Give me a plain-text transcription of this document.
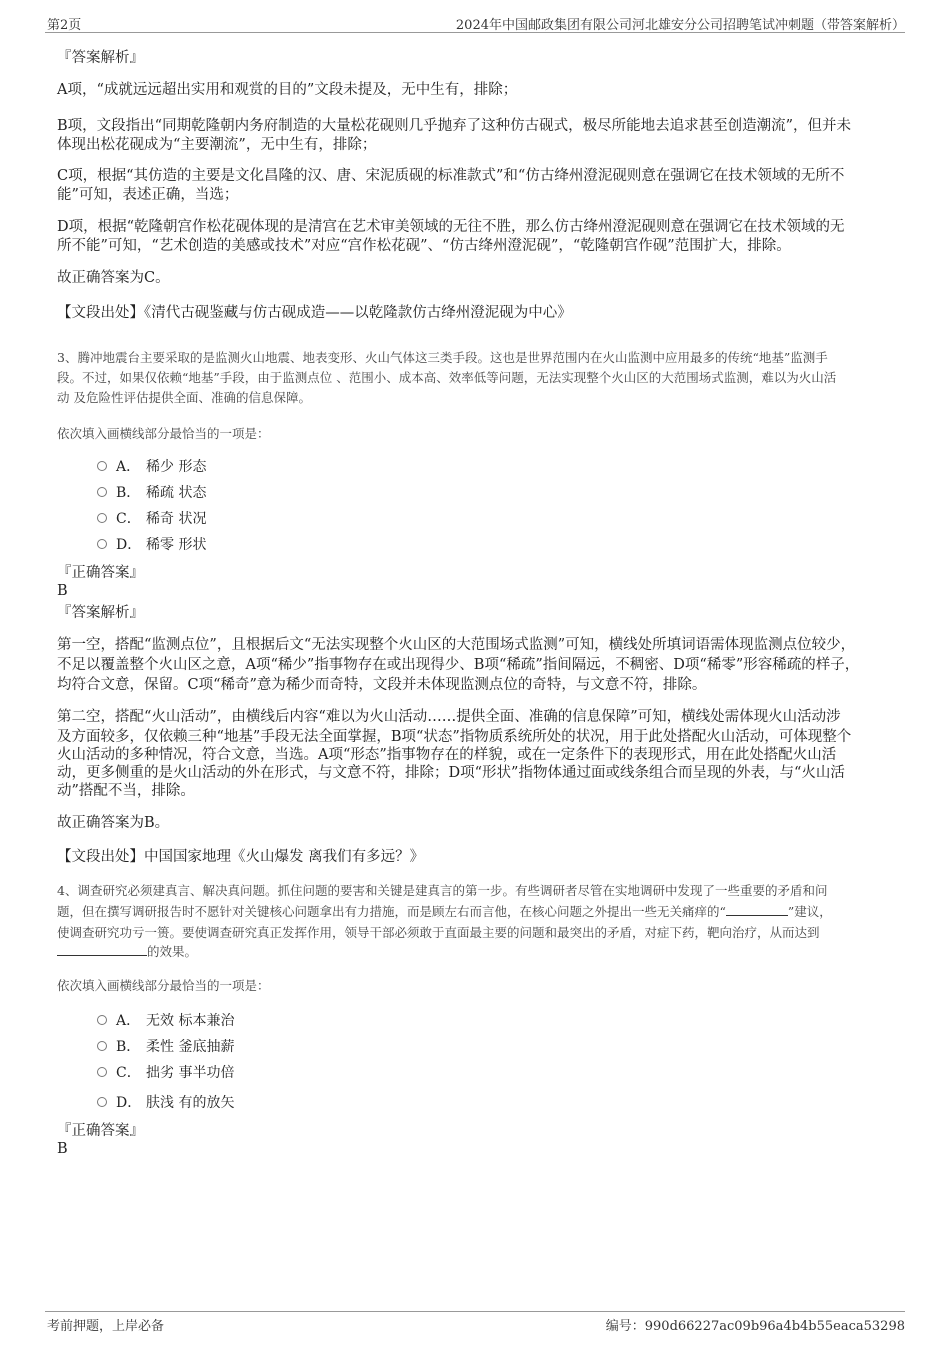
第2页	2024年中国邮政集团有限公司河北雄安分公司招聘笔试冲刺题（带答案解析）
『答案解析』
A项，“成就远远超出实用和观赏的目的”文段未提及，无中生有，排除；
B项，文段指出“同期乾隆朝内务府制造的大量松花砚则几乎抛弃了这种仿古砚式，极尽所能地去追求甚至创造潮流”，但并未
体现出松花砚成为“主要潮流”，无中生有，排除；
C项，根据“其仿造的主要是文化昌隆的汉、唐、宋泥质砚的标准款式”和“仿古绛州澄泥砚则意在强调它在技术领域的无所不
能”可知，表述正确，当选；
D项，根据“乾隆朝宫作松花砚体现的是清宫在艺术审美领域的无往不胜，那么仿古绛州澄泥砚则意在强调它在技术领域的无
所不能”可知，“艺术创造的美感或技术”对应“宫作松花砚”、“仿古绛州澄泥砚”，“乾隆朝宫作砚”范围扩大，排除。
故正确答案为C。
【文段出处】《清代古砚鉴藏与仿古砚成造——以乾隆款仿古绛州澄泥砚为中心》
3、腾冲地震台主要采取的是监测火山地震、地表变形、火山气体这三类手段。这也是世界范围内在火山监测中应用最多的传统“地基”监测手
段。不过，如果仅依赖“地基”手段，由于监测点位 、范围小、成本高、效率低等问题，无法实现整个火山区的大范围场式监测，难以为火山活
动 及危险性评估提供全面、准确的信息保障。
依次填入画横线部分最恰当的一项是：
A． 稀少 形态
B． 稀疏 状态
C． 稀奇 状况
D． 稀零 形状
『正确答案』
B
『答案解析』
第一空，搭配“监测点位”，且根据后文“无法实现整个火山区的大范围场式监测”可知，横线处所填词语需体现监测点位较少，
不足以覆盖整个火山区之意，A项“稀少”指事物存在或出现得少、B项“稀疏”指间隔远，不稠密、D项“稀零”形容稀疏的样子，
均符合文意，保留。C项“稀奇”意为稀少而奇特，文段并未体现监测点位的奇特，与文意不符，排除。
第二空，搭配“火山活动”，由横线后内容“难以为火山活动……提供全面、准确的信息保障”可知，横线处需体现火山活动涉
及方面较多，仅依赖三种“地基”手段无法全面掌握，B项“状态”指物质系统所处的状况，用于此处搭配火山活动，可体现整个
火山活动的多种情况，符合文意，当选。A项“形态”指事物存在的样貌，或在一定条件下的表现形式，用在此处搭配火山活
动，更多侧重的是火山活动的外在形式，与文意不符，排除；D项“形状”指物体通过面或线条组合而呈现的外表，与“火山活
动”搭配不当，排除。
故正确答案为B。
【文段出处】中国国家地理《火山爆发 离我们有多远？》
4、调查研究必须建真言、解决真问题。抓住问题的要害和关键是建真言的第一步。有些调研者尽管在实地调研中发现了一些重要的矛盾和问
题，但在撰写调研报告时不愿针对关键核心问题拿出有力措施，而是顾左右而言他，在核心问题之外提出一些无关痛痒的“	”建议，
使调查研究功亏一篑。要使调查研究真正发挥作用，领导干部必须敢于直面最主要的问题和最突出的矛盾，对症下药，靶向治疗，从而达到
的效果。
依次填入画横线部分最恰当的一项是：
A． 无效 标本兼治
B． 柔性 釜底抽薪
C． 拙劣 事半功倍
D． 肤浅 有的放矢
『正确答案』
B
考前押题，上岸必备	编号：990d66227ac09b96a4b4b55eaca53298
